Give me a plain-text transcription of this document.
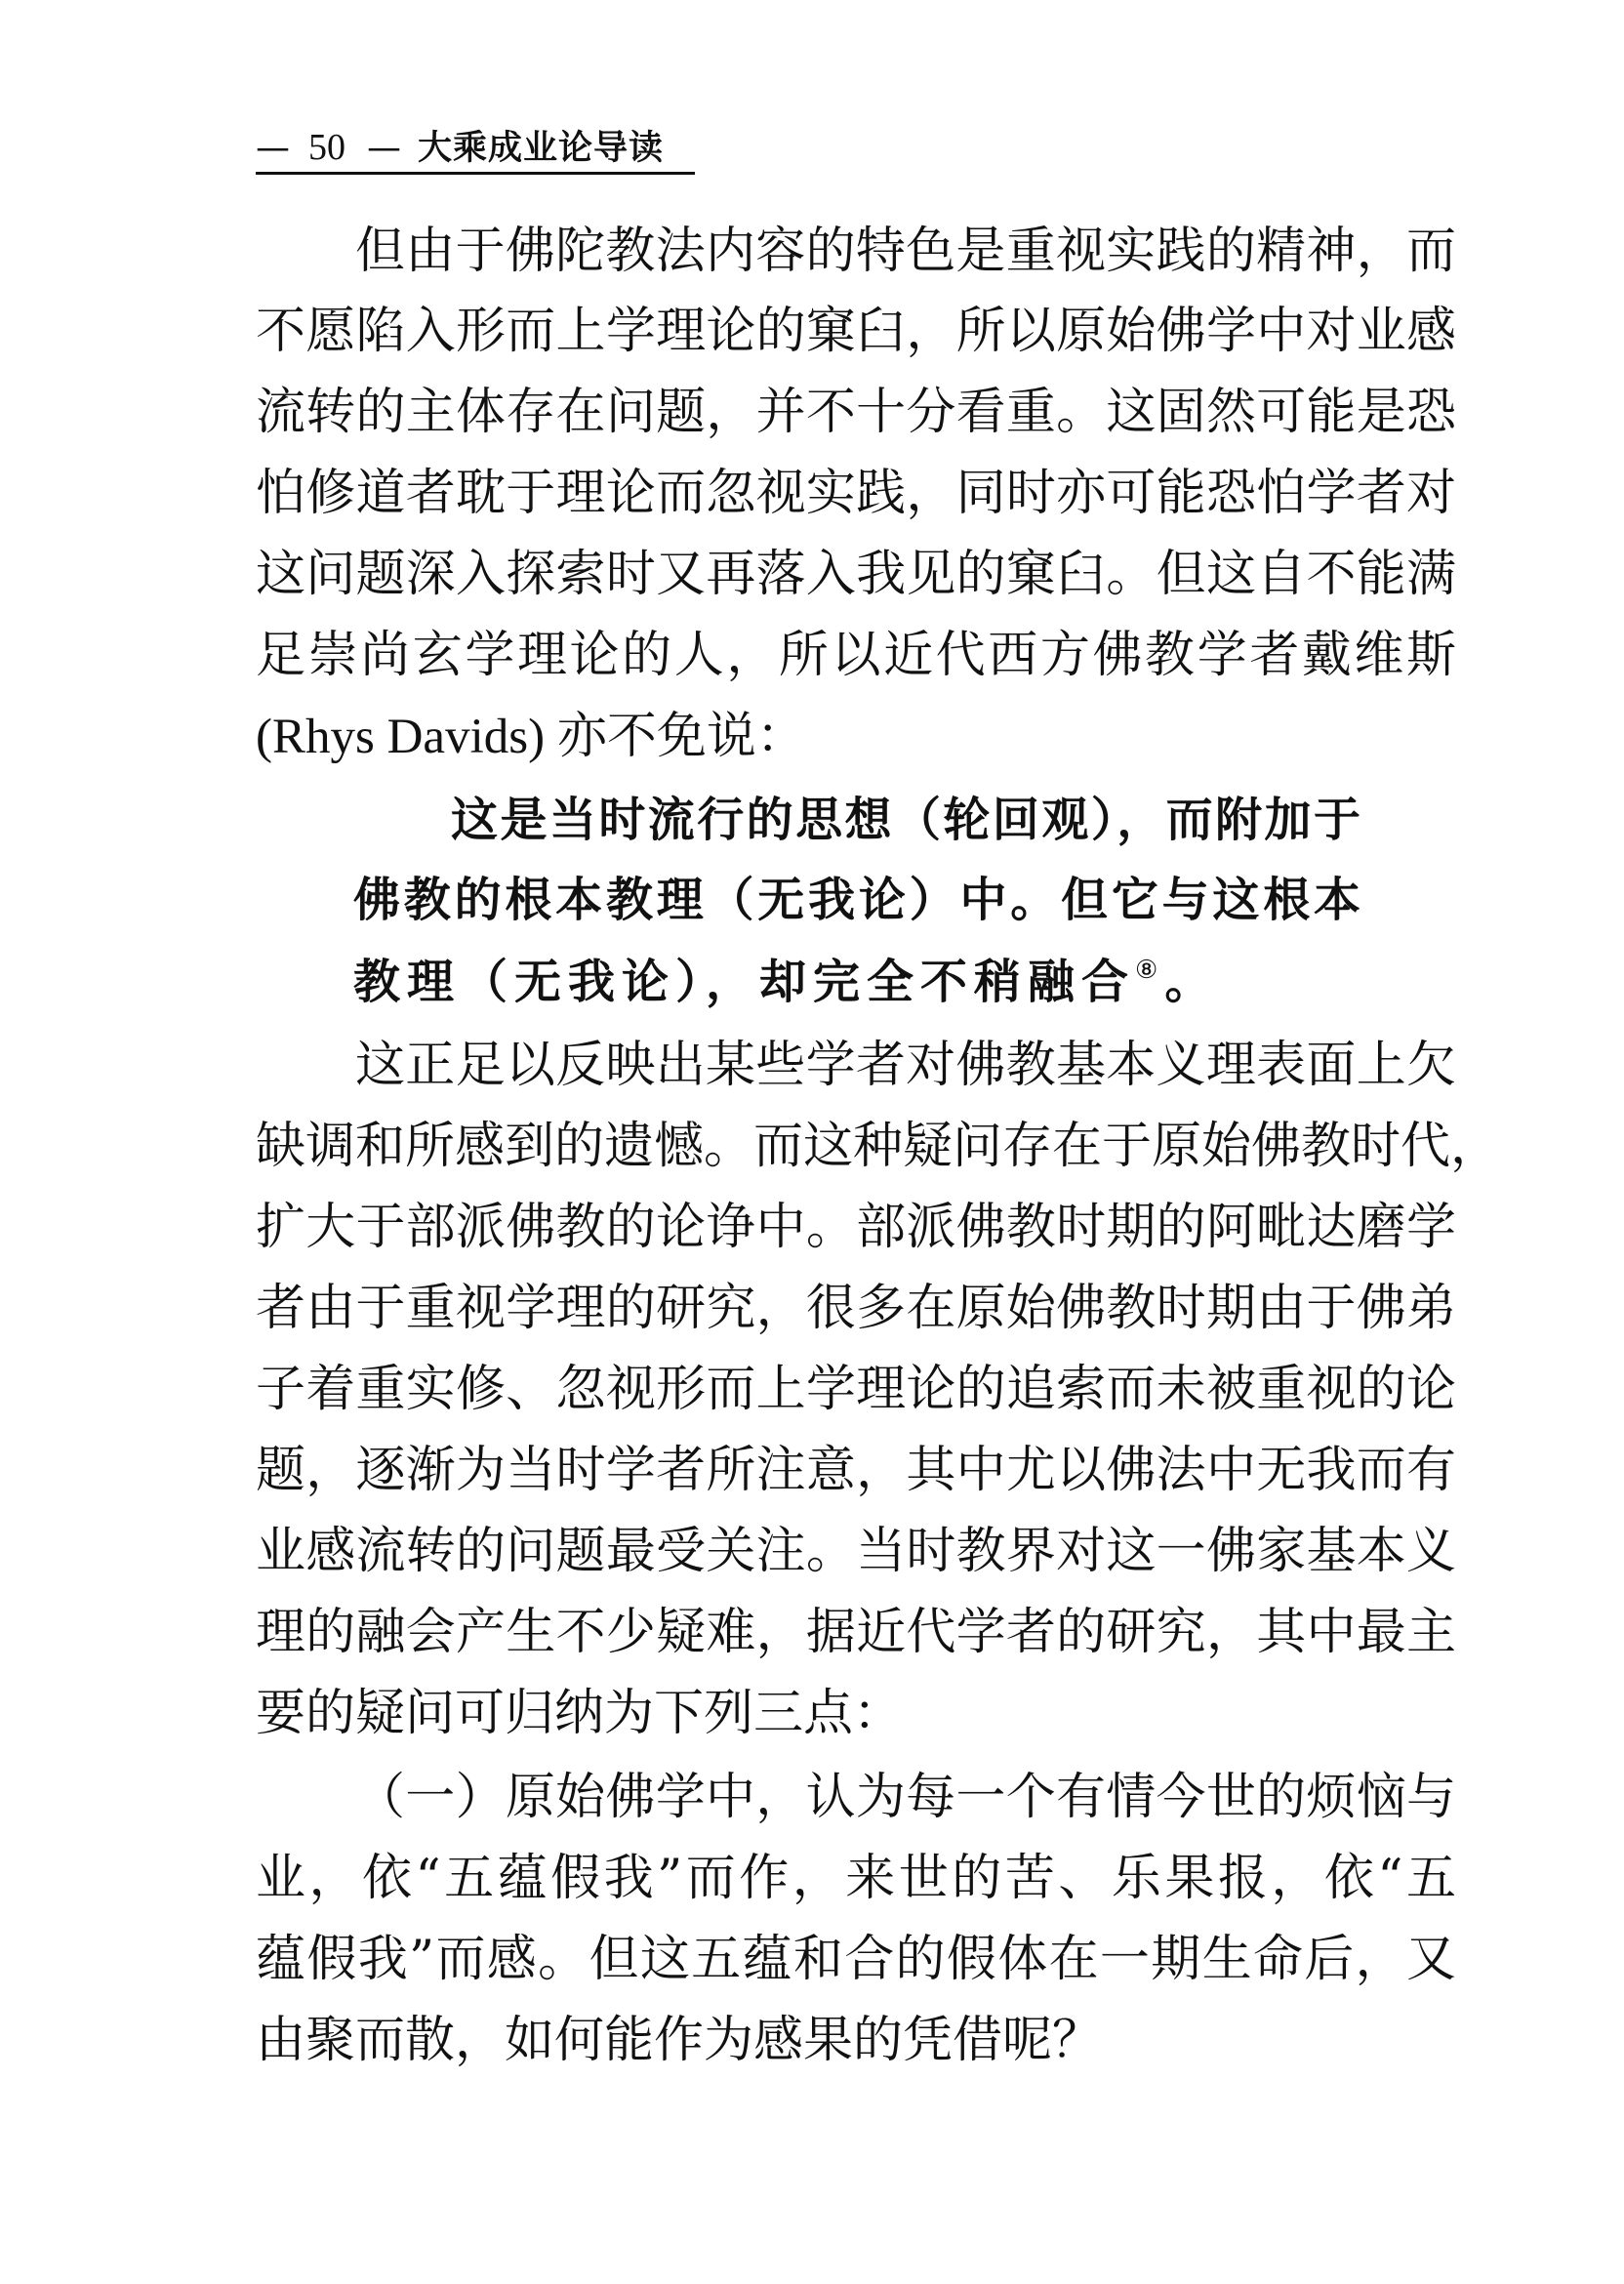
— 50 — 大乘成业论导读
但由于佛陀教法内容的特色是重视实践的精神，而
不愿陷入形而上学理论的窠臼，所以原始佛学中对业感
流转的主体存在问题，并不十分看重。这固然可能是恐
怕修道者耽于理论而忽视实践，同时亦可能恐怕学者对
这问题深入探索时又再落入我见的窠臼。但这自不能满
足崇尚玄学理论的人，所以近代西方佛教学者戴维斯
(Rhys Davids) 亦不免说：
这是当时流行的思想（轮回观），而附加于
佛教的根本教理（无我论）中。但它与这根本
教理（无我论），却完全不稍融合⑧。
这正足以反映出某些学者对佛教基本义理表面上欠
缺调和所感到的遗憾。而这种疑问存在于原始佛教时代，
扩大于部派佛教的论诤中。部派佛教时期的阿毗达磨学
者由于重视学理的研究，很多在原始佛教时期由于佛弟
子着重实修、忽视形而上学理论的追索而未被重视的论
题，逐渐为当时学者所注意，其中尤以佛法中无我而有
业感流转的问题最受关注。当时教界对这一佛家基本义
理的融会产生不少疑难，据近代学者的研究，其中最主
要的疑问可归纳为下列三点：
（一）原始佛学中，认为每一个有情今世的烦恼与
业，依“五蕴假我”而作，来世的苦、乐果报，依“五
蕴假我”而感。但这五蕴和合的假体在一期生命后，又
由聚而散，如何能作为感果的凭借呢？
